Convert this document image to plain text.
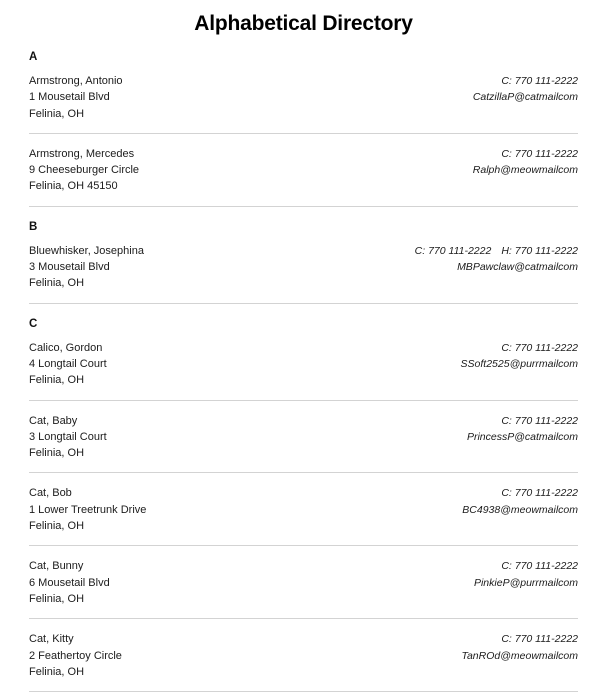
Alphabetical Directory
A
Armstrong, Antonio
1 Mousetail Blvd
Felinia, OH
C: 770 111-2222
CatzillaP@catmailcom
Armstrong, Mercedes
9 Cheeseburger Circle
Felinia, OH 45150
C: 770 111-2222
Ralph@meowmailcom
B
Bluewhisker, Josephina
3 Mousetail Blvd
Felinia, OH
C: 770 111-2222 H: 770 111-2222
MBPawclaw@catmailcom
C
Calico, Gordon
4 Longtail Court
Felinia, OH
C: 770 111-2222
SSoft2525@purrmailcom
Cat, Baby
3 Longtail Court
Felinia, OH
C: 770 111-2222
PrincessP@catmailcom
Cat, Bob
1 Lower Treetrunk Drive
Felinia, OH
C: 770 111-2222
BC4938@meowmailcom
Cat, Bunny
6 Mousetail Blvd
Felinia, OH
C: 770 111-2222
PinkieP@purrmailcom
Cat, Kitty
2 Feathertoy Circle
Felinia, OH
C: 770 111-2222
TanROd@meowmailcom
